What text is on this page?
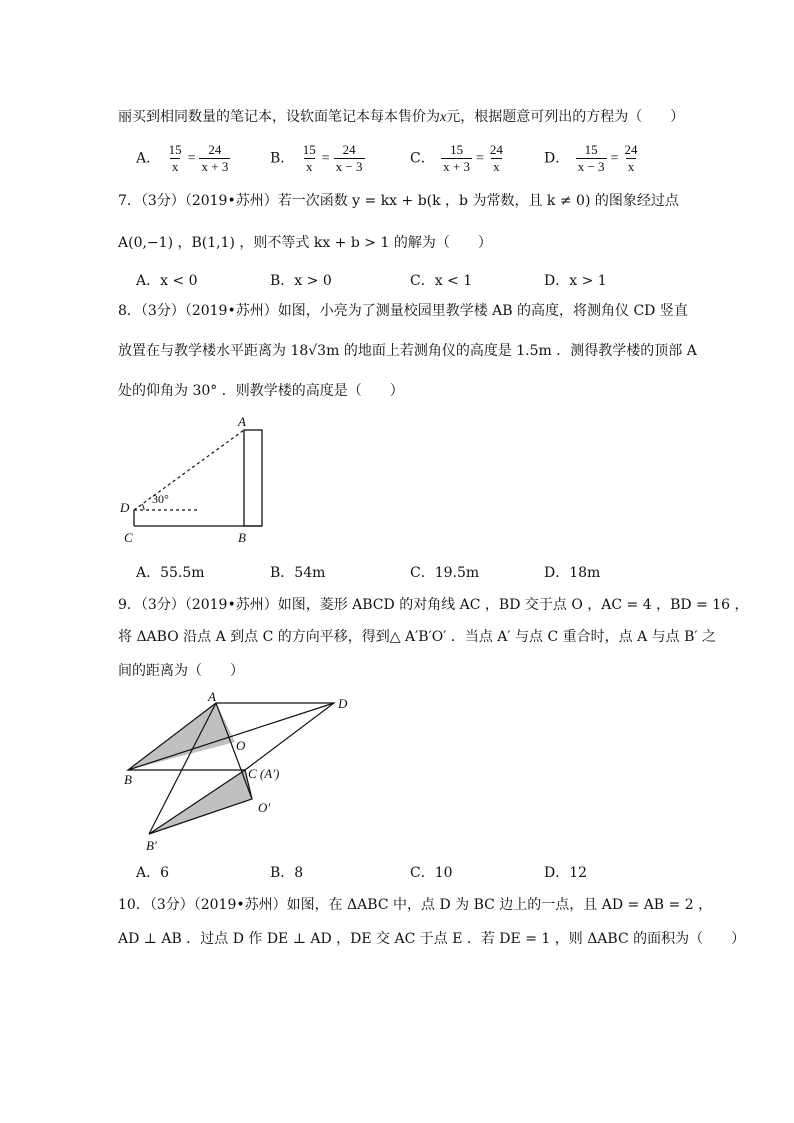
丽买到相同数量的笔记本，设软面笔记本每本售价为x元，根据题意可列出的方程为（　　）
A． $\frac{15}{x} = \frac{24}{x + 3}$	B． $\frac{15}{x} = \frac{24}{x - 3}$	C． $\frac{15}{x + 3} = \frac{24}{x}$	D． $\frac{15}{x - 3} = \frac{24}{x}$
7．（3分）（2019•苏州）若一次函数 y = kx + b(k ，b 为常数，且 k ≠ 0) 的图象经过点
A(0,−1) ，B(1,1) ，则不等式 kx + b > 1 的解为（　　）
A．x < 0	B．x > 0	C．x < 1	D．x > 1
8．（3分）（2019•苏州）如图，小亮为了测量校园里教学楼 AB 的高度，将测角仪 CD 竖直
放置在与教学楼水平距离为 18√3m 的地面上若测角仪的高度是 1.5m ．测得教学楼的顶部 A
处的仰角为 30° ．则教学楼的高度是（　　）
A
B
C
D
30°
A．55.5m	B．54m	C．19.5m	D．18m
9．（3分）（2019•苏州）如图，菱形 ABCD 的对角线 AC ，BD 交于点 O ，AC = 4 ，BD = 16 ，
将 ΔABO 沿点 A 到点 C 的方向平移，得到△ A′B′O′ ．当点 A′ 与点 C 重合时，点 A 与点 B′ 之
间的距离为（　　）
A	D
O
B	C (A′)
O′
B′
A．6	B．8	C．10	D．12
10．（3分）（2019•苏州）如图，在 ΔABC 中，点 D 为 BC 边上的一点，且 AD = AB = 2 ，
AD ⊥ AB ．过点 D 作 DE ⊥ AD ，DE 交 AC 于点 E ．若 DE = 1 ，则 ΔABC 的面积为（　　）
